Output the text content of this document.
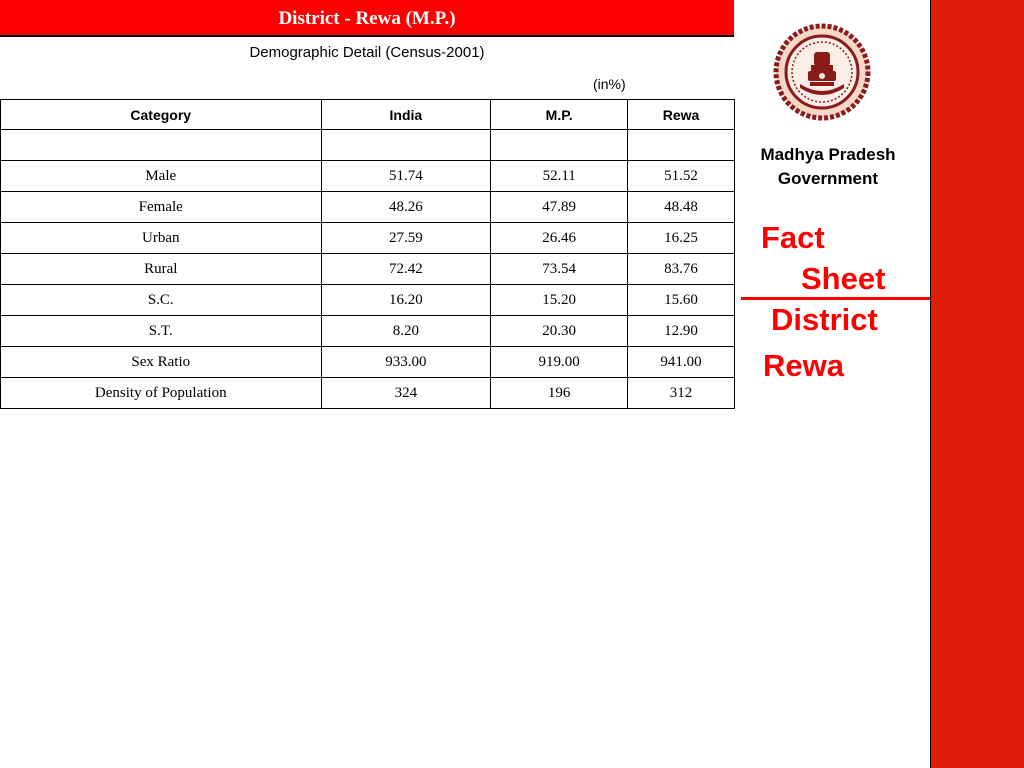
District - Rewa (M.P.)
Demographic Detail (Census-2001)
(in%)
Category	India	M.P.	Rewa

Male	51.74	52.11	51.52
Female	48.26	47.89	48.48
Urban	27.59	26.46	16.25
Rural	72.42	73.54	83.76
S.C.	16.20	15.20	15.60
S.T.	8.20	20.30	12.90
Sex Ratio	933.00	919.00	941.00
Density of Population	324	196	312
Madhya Pradesh
Government
Fact
Sheet
District
Rewa
